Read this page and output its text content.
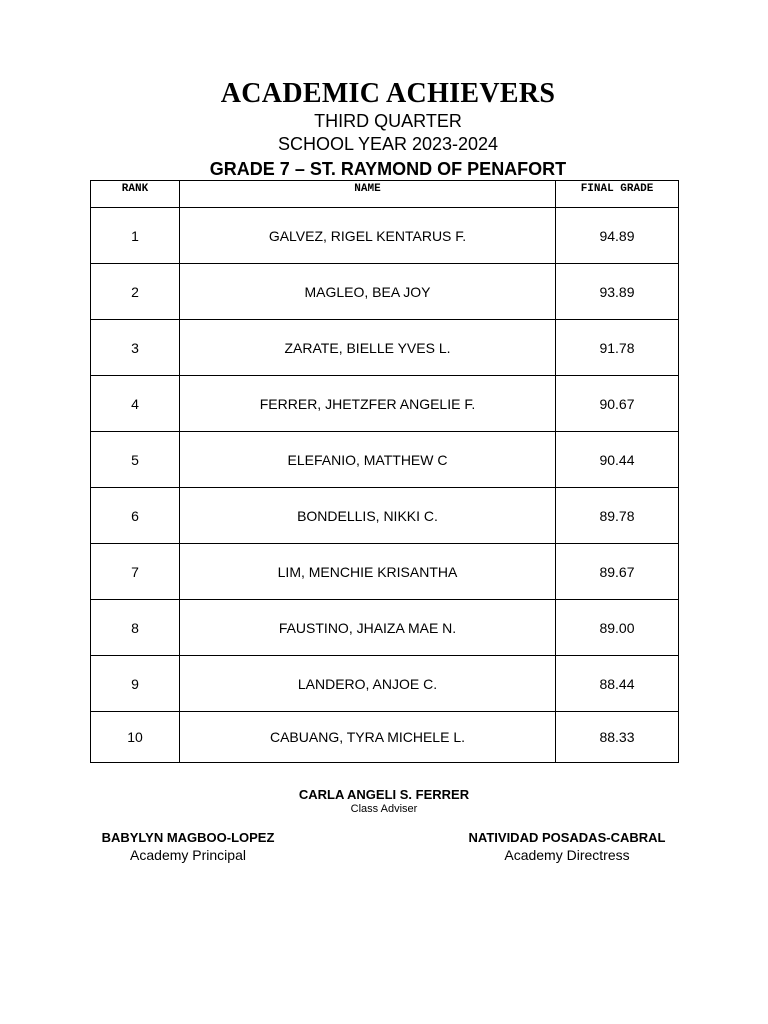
ACADEMIC ACHIEVERS
THIRD QUARTER
SCHOOL YEAR 2023-2024
GRADE 7 – ST. RAYMOND OF PENAFORT
RANK	NAME	FINAL GRADE
1	GALVEZ, RIGEL KENTARUS F.	94.89
2	MAGLEO, BEA JOY	93.89
3	ZARATE, BIELLE YVES L.	91.78
4	FERRER, JHETZFER ANGELIE F.	90.67
5	ELEFANIO, MATTHEW C	90.44
6	BONDELLIS, NIKKI C.	89.78
7	LIM, MENCHIE KRISANTHA	89.67
8	FAUSTINO, JHAIZA MAE N.	89.00
9	LANDERO, ANJOE C.	88.44
10	CABUANG, TYRA MICHELE L.	88.33
CARLA ANGELI S. FERRER
Class Adviser
BABYLYN MAGBOO-LOPEZ
Academy Principal
NATIVIDAD POSADAS-CABRAL
Academy Directress
